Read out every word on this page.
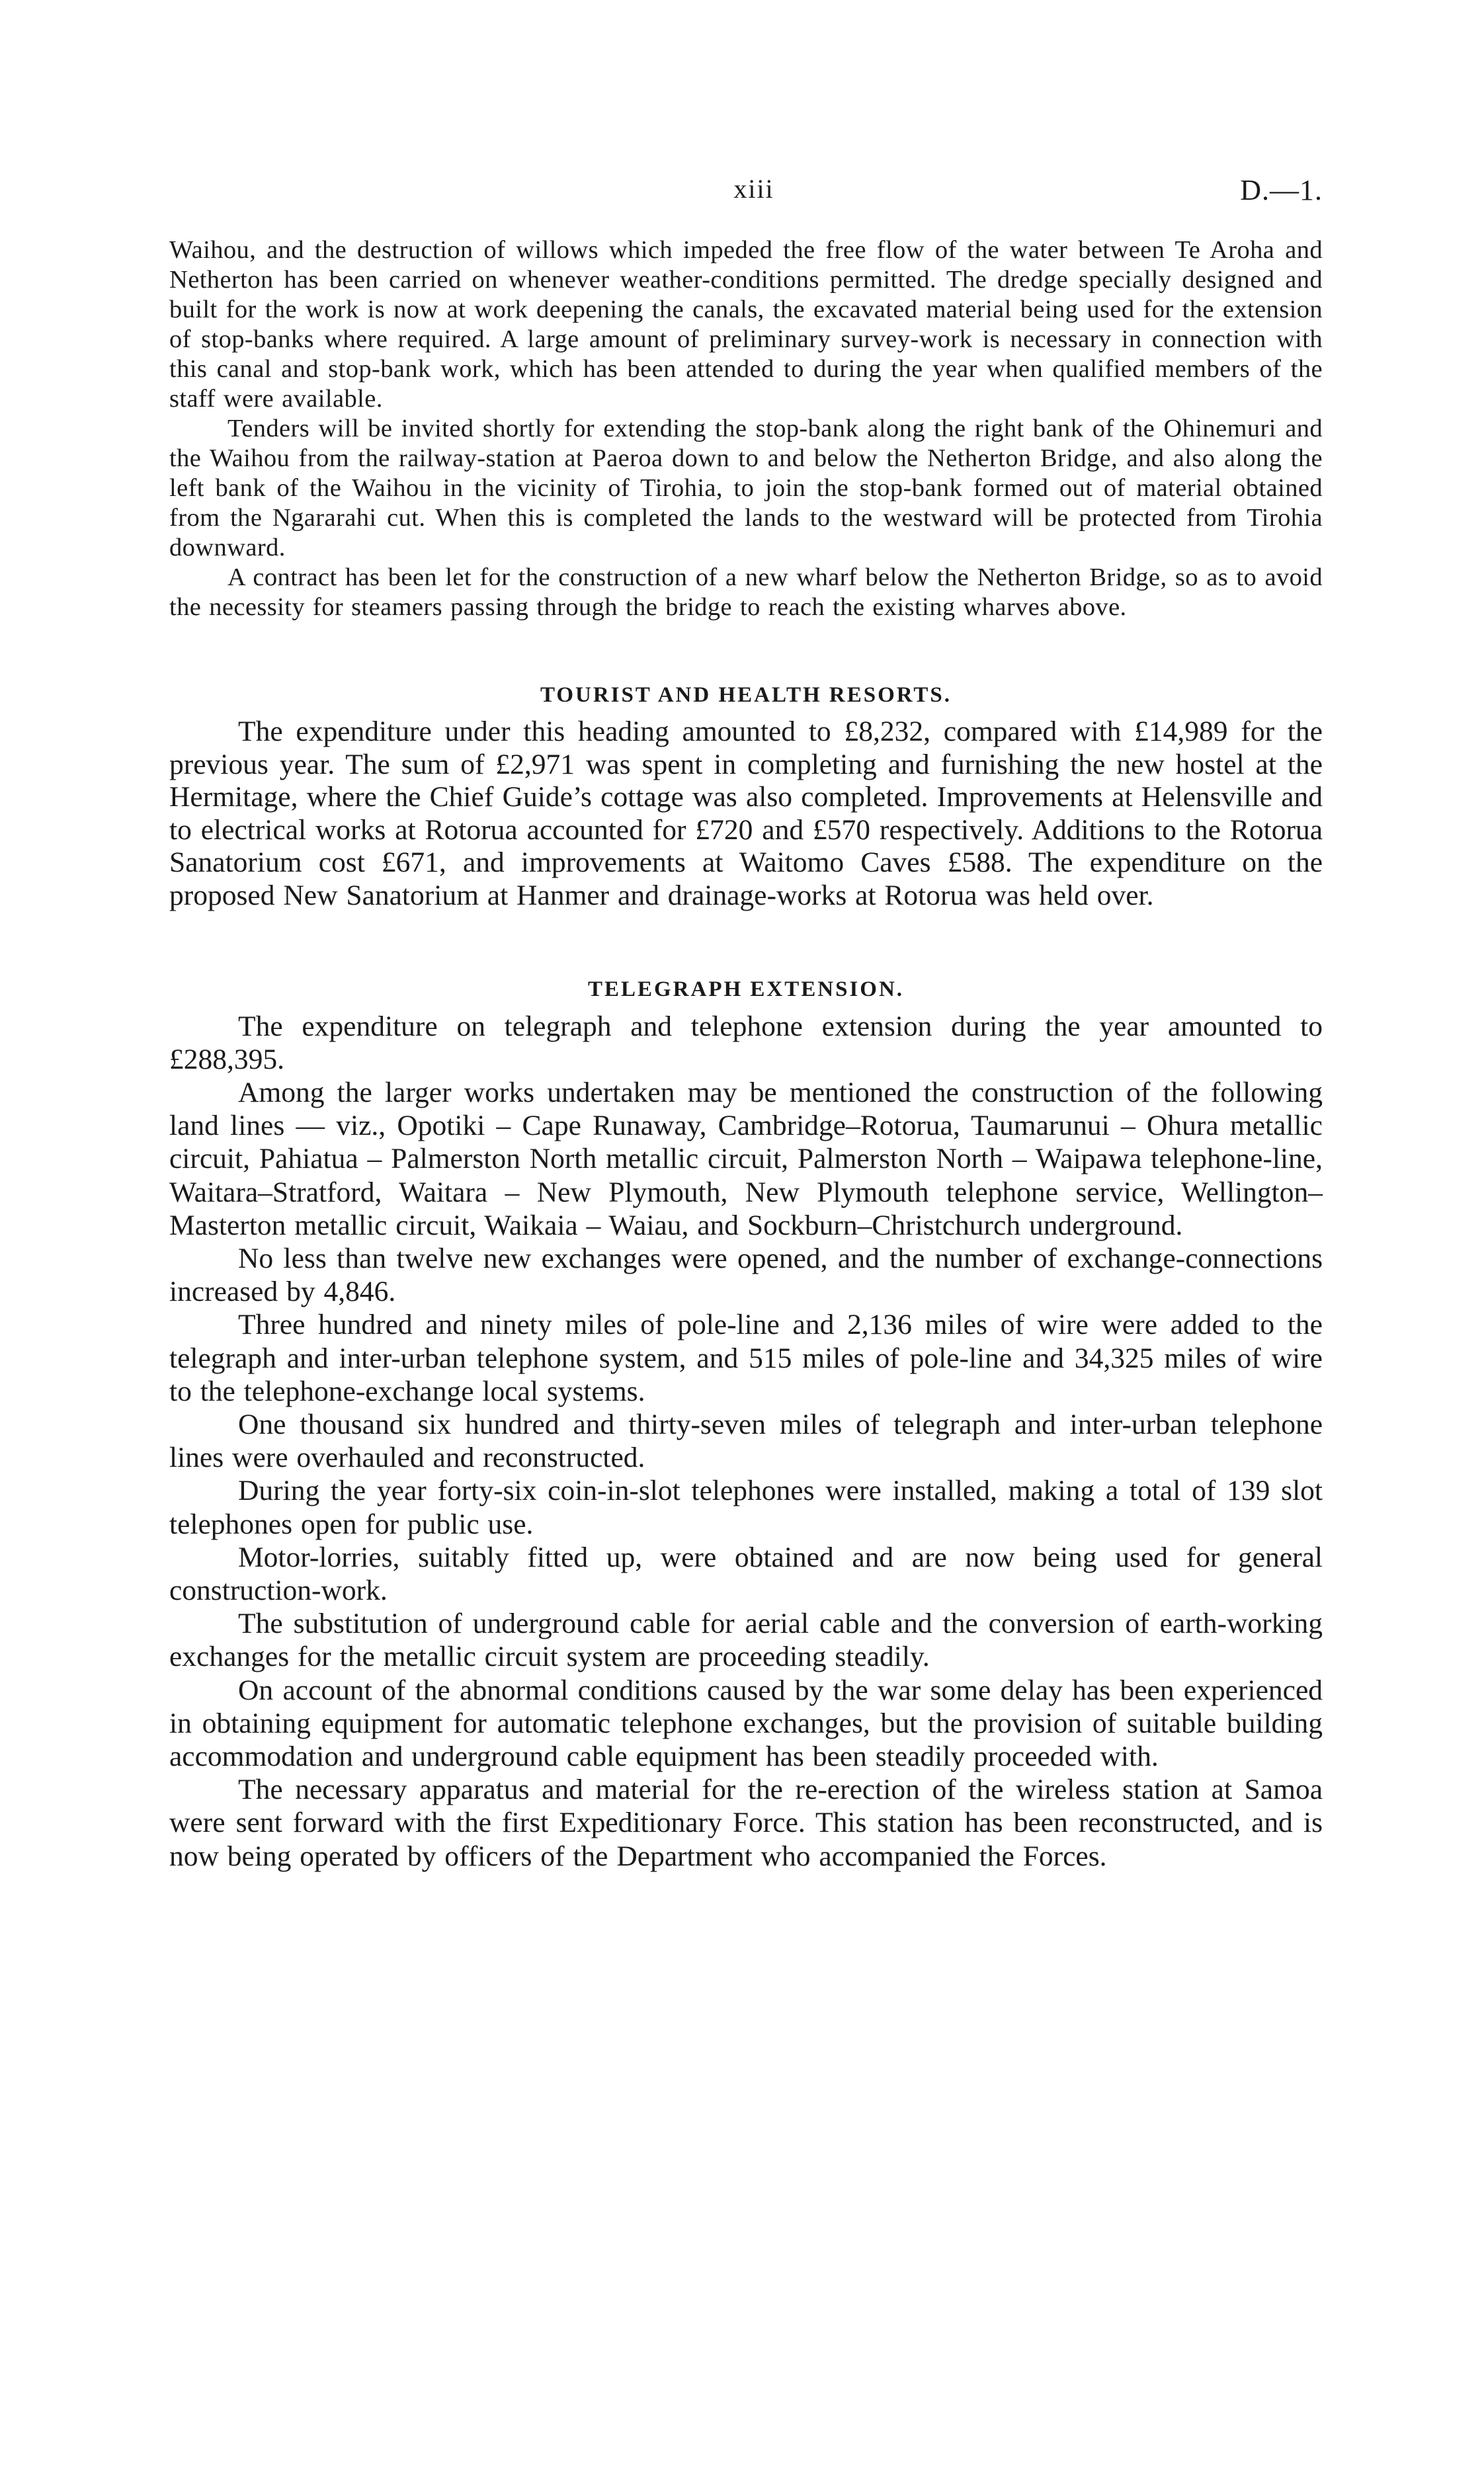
xiii	D.—1.

Waihou, and the destruction of willows which impeded the free flow of the water between Te Aroha and Netherton has been carried on whenever weather-conditions permitted. The dredge specially designed and built for the work is now at work deepening the canals, the excavated material being used for the extension of stop-banks where required. A large amount of preliminary survey-work is necessary in connection with this canal and stop-bank work, which has been attended to during the year when qualified members of the staff were available.

Tenders will be invited shortly for extending the stop-bank along the right bank of the Ohinemuri and the Waihou from the railway-station at Paeroa down to and below the Netherton Bridge, and also along the left bank of the Waihou in the vicinity of Tirohia, to join the stop-bank formed out of material obtained from the Ngararahi cut. When this is completed the lands to the westward will be protected from Tirohia downward.

A contract has been let for the construction of a new wharf below the Netherton Bridge, so as to avoid the necessity for steamers passing through the bridge to reach the existing wharves above.

TOURIST AND HEALTH RESORTS.

The expenditure under this heading amounted to £8,232, compared with £14,989 for the previous year. The sum of £2,971 was spent in completing and furnishing the new hostel at the Hermitage, where the Chief Guide’s cottage was also completed. Improvements at Helensville and to electrical works at Rotorua accounted for £720 and £570 respectively. Additions to the Rotorua Sanatorium cost £671, and improvements at Waitomo Caves £588. The expenditure on the proposed New Sanatorium at Hanmer and drainage-works at Rotorua was held over.

TELEGRAPH EXTENSION.

The expenditure on telegraph and telephone extension during the year amounted to £288,395.

Among the larger works undertaken may be mentioned the construction of the following land lines — viz., Opotiki – Cape Runaway, Cambridge–Rotorua, Taumarunui – Ohura metallic circuit, Pahiatua – Palmerston North metallic circuit, Palmerston North – Waipawa telephone-line, Waitara–Stratford, Waitara – New Plymouth, New Plymouth telephone service, Wellington–Masterton metallic circuit, Waikaia – Waiau, and Sockburn–Christchurch underground.

No less than twelve new exchanges were opened, and the number of exchange-connections increased by 4,846.

Three hundred and ninety miles of pole-line and 2,136 miles of wire were added to the telegraph and inter-urban telephone system, and 515 miles of pole-line and 34,325 miles of wire to the telephone-exchange local systems.

One thousand six hundred and thirty-seven miles of telegraph and inter-urban telephone lines were overhauled and reconstructed.

During the year forty-six coin-in-slot telephones were installed, making a total of 139 slot telephones open for public use.

Motor-lorries, suitably fitted up, were obtained and are now being used for general construction-work.

The substitution of underground cable for aerial cable and the conversion of earth-working exchanges for the metallic circuit system are proceeding steadily.

On account of the abnormal conditions caused by the war some delay has been experienced in obtaining equipment for automatic telephone exchanges, but the provision of suitable building accommodation and underground cable equipment has been steadily proceeded with.

The necessary apparatus and material for the re-erection of the wireless station at Samoa were sent forward with the first Expeditionary Force. This station has been reconstructed, and is now being operated by officers of the Department who accompanied the Forces.
